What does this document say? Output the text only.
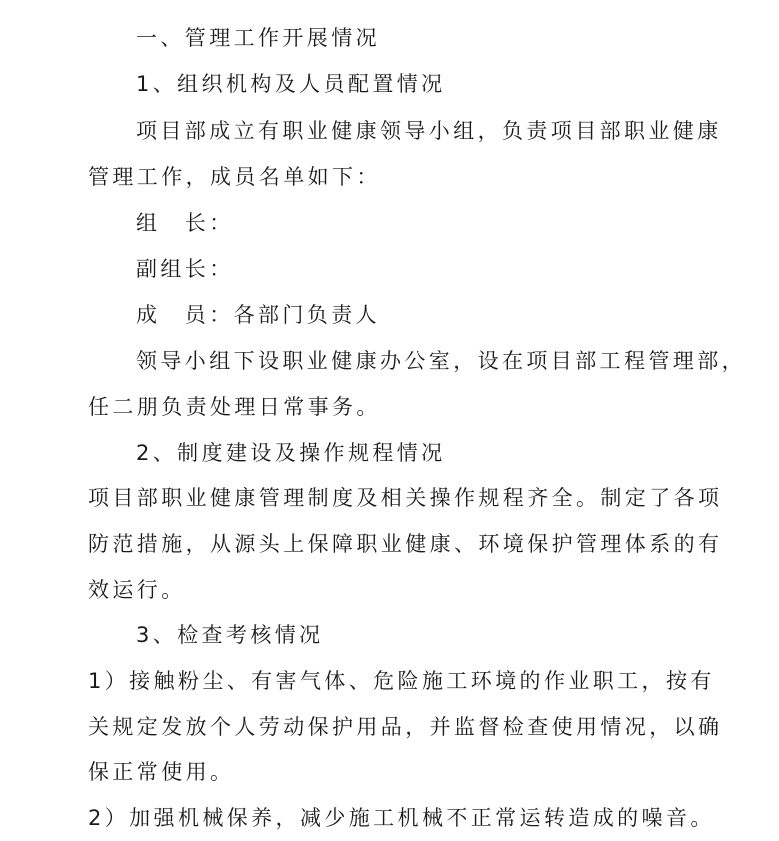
一、管理工作开展情况
1、组织机构及人员配置情况
项目部成立有职业健康领导小组，负责项目部职业健康
管理工作，成员名单如下：
组　长：
副组长：
成　员：各部门负责人
领导小组下设职业健康办公室，设在项目部工程管理部，
任二朋负责处理日常事务。
2、制度建设及操作规程情况
项目部职业健康管理制度及相关操作规程齐全。制定了各项
防范措施，从源头上保障职业健康、环境保护管理体系的有
效运行。
3、检查考核情况
1）接触粉尘、有害气体、危险施工环境的作业职工，按有
关规定发放个人劳动保护用品，并监督检查使用情况，以确
保正常使用。
2）加强机械保养，减少施工机械不正常运转造成的噪音。
